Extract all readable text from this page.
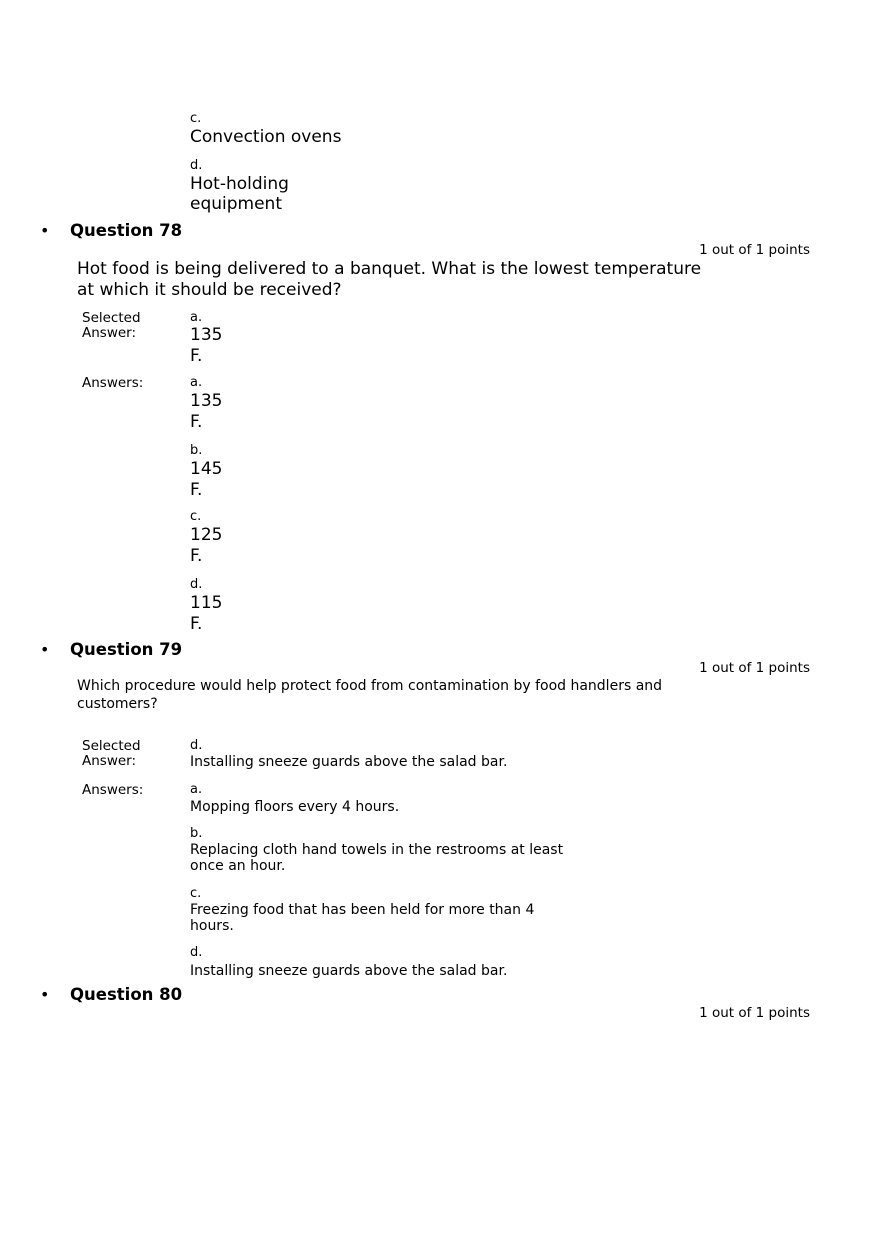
c.
Convection ovens
d.
Hot-holding
equipment
• Question 78
1 out of 1 points
Hot food is being delivered to a banquet. What is the lowest temperature
at which it should be received?
Selected
Answer:
a.
135
F.
Answers:	a.
135
F.
b.
145
F.
c.
125
F.
d.
115
F.
• Question 79
1 out of 1 points
Which procedure would help protect food from contamination by food handlers and
customers?
Selected
Answer:
d.
Installing sneeze guards above the salad bar.
Answers:	a.
Mopping floors every 4 hours.
b.
Replacing cloth hand towels in the restrooms at least
once an hour.
c.
Freezing food that has been held for more than 4
hours.
d.
Installing sneeze guards above the salad bar.
• Question 80
1 out of 1 points
